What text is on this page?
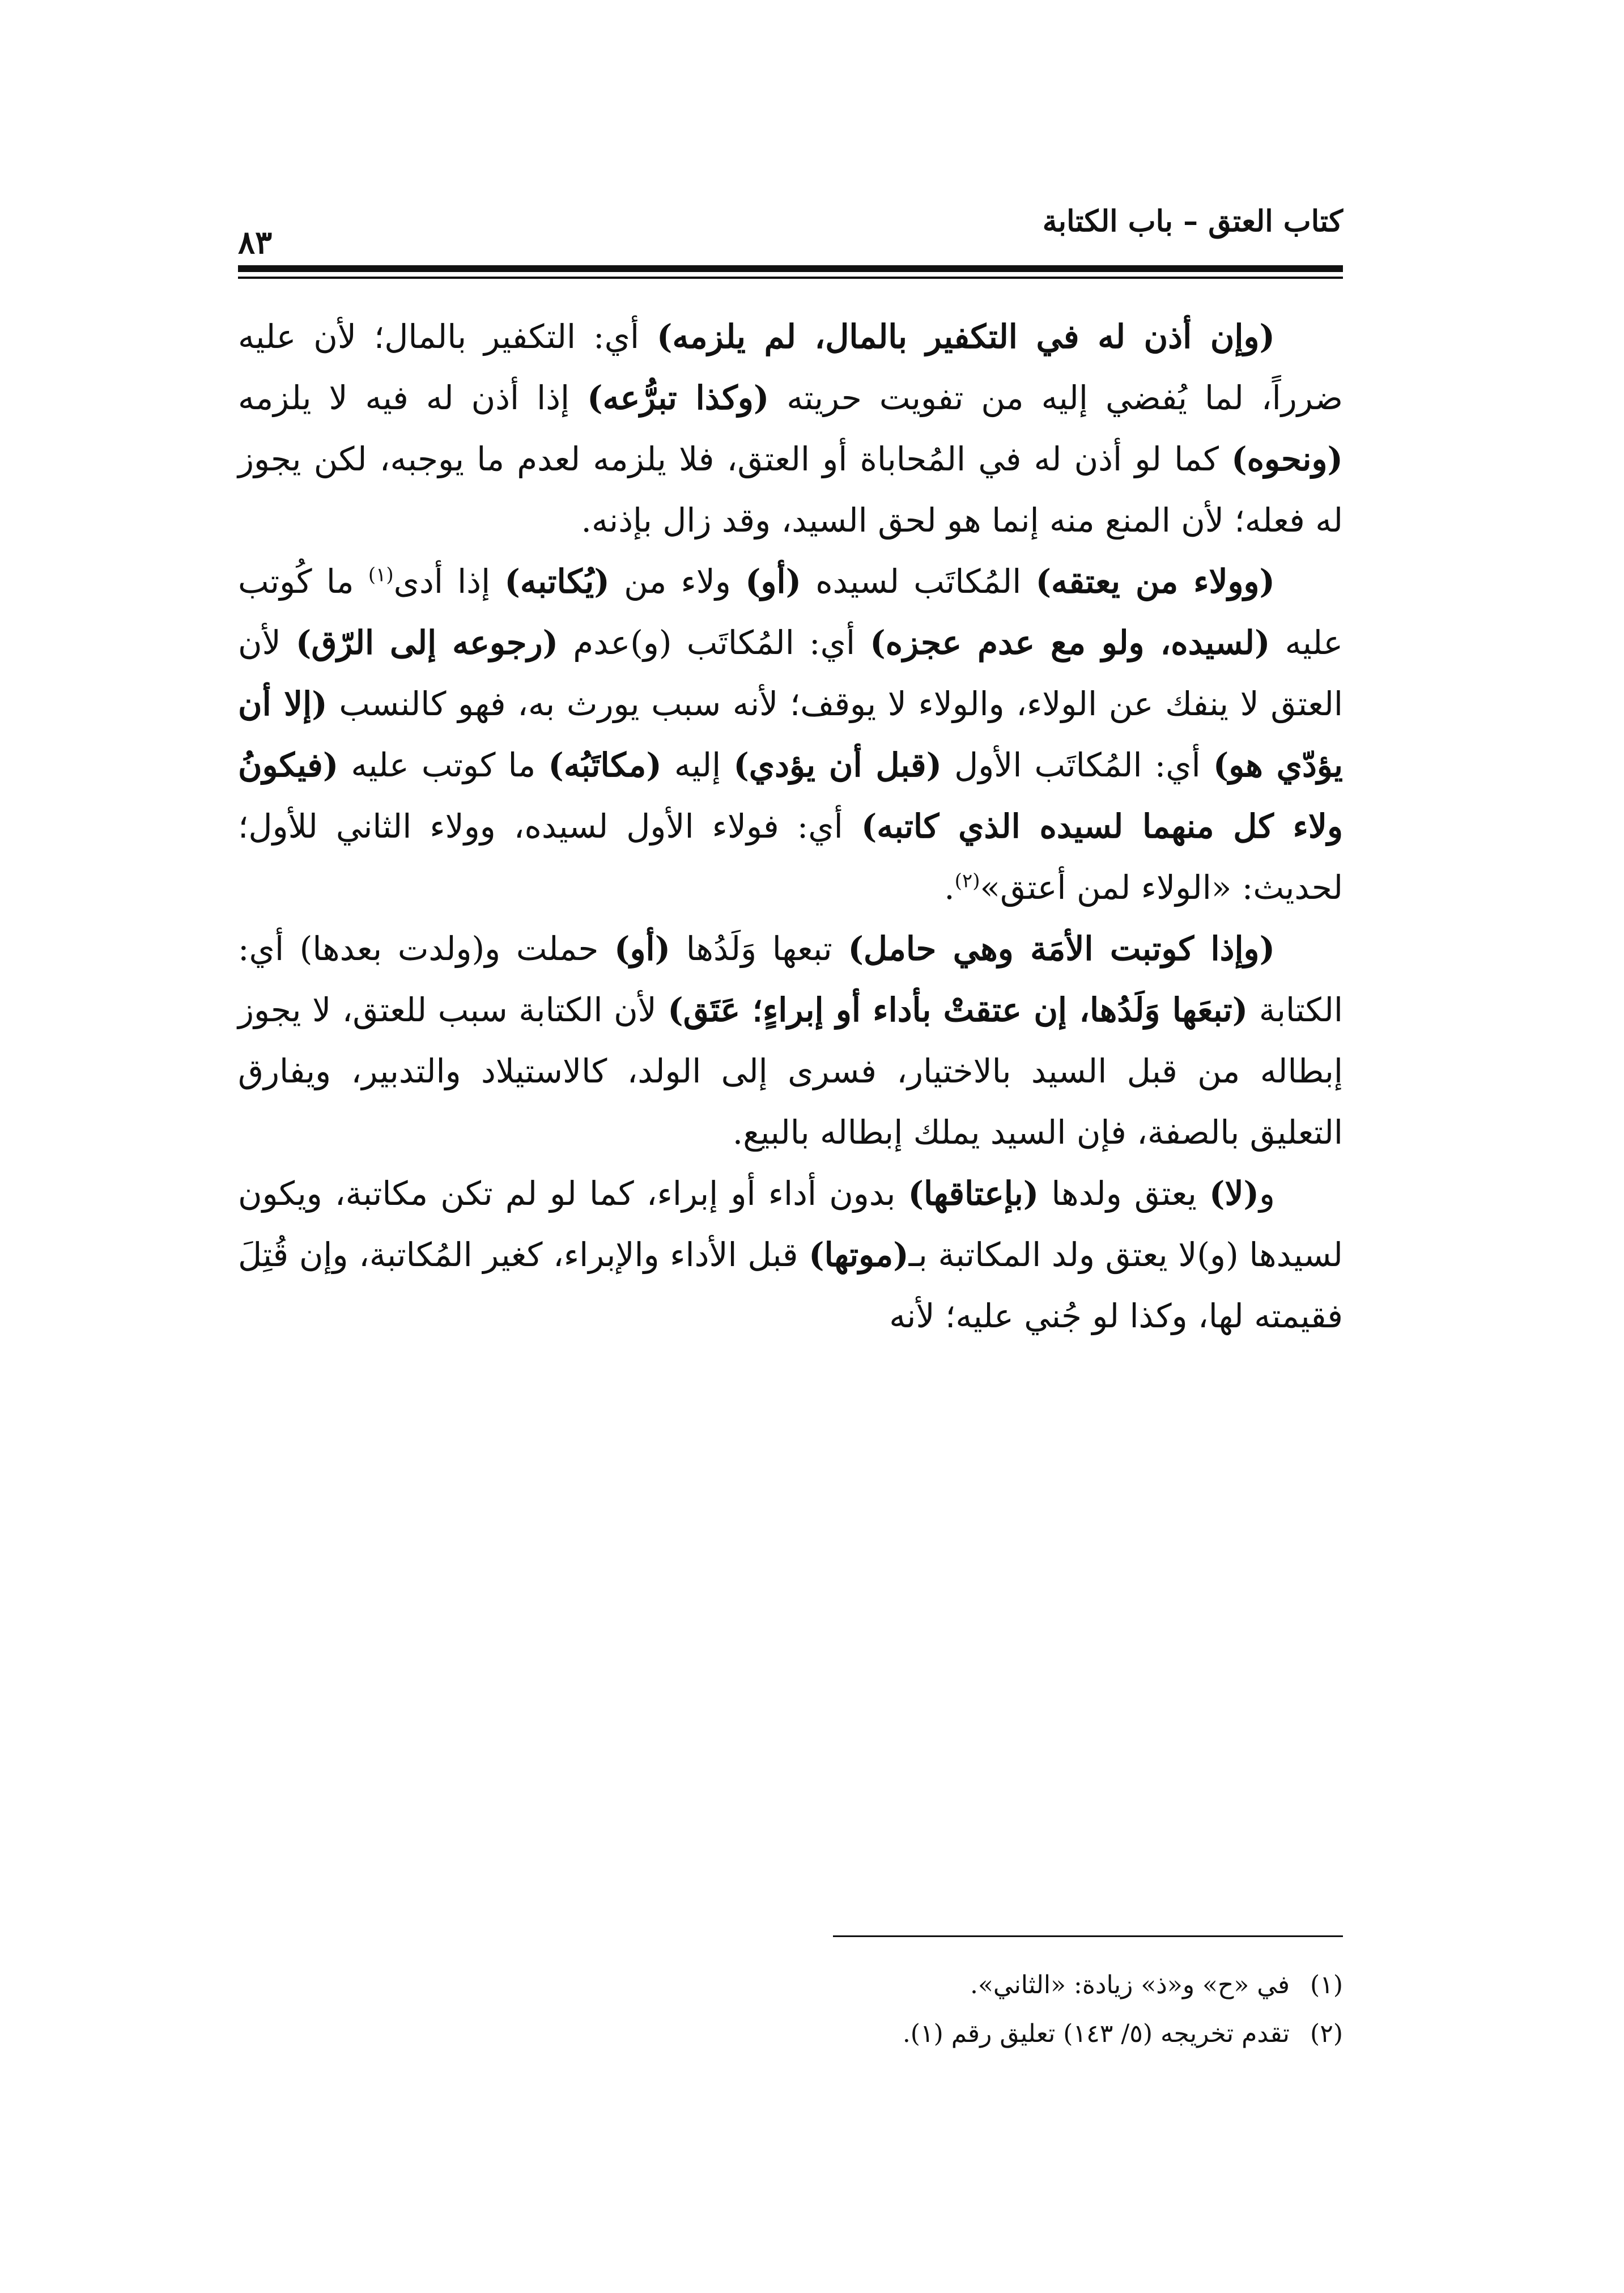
كتاب العتق – باب الكتابة
٨٣

(وإن أذن له في التكفير بالمال، لم يلزمه) أي: التكفير بالمال؛ لأن عليه ضرراً، لما يُفضي إليه من تفويت حريته (وكذا تبرُّعه) إذا أذن له فيه لا يلزمه (ونحوه) كما لو أذن له في المُحاباة أو العتق، فلا يلزمه لعدم ما يوجبه، لكن يجوز له فعله؛ لأن المنع منه إنما هو لحق السيد، وقد زال بإذنه.

(وولاء من يعتقه) المُكاتَب لسيده (أو) ولاء من (يُكاتبه) إذا أدى$^{(١)}$ ما كُوتب عليه (لسيده، ولو مع عدم عجزه) أي: المُكاتَب (و)عدم (رجوعه إلى الرّق) لأن العتق لا ينفك عن الولاء، والولاء لا يوقف؛ لأنه سبب يورث به، فهو كالنسب (إلا أن يؤدّي هو) أي: المُكاتَب الأول (قبل أن يؤدي) إليه (مكاتَبُه) ما كوتب عليه (فيكونُ ولاء كل منهما لسيده الذي كاتبه) أي: فولاء الأول لسيده، وولاء الثاني للأول؛ لحديث: «الولاء لمن أعتق»$^{(٢)}$.

(وإذا كوتبت الأمَة وهي حامل) تبعها وَلَدُها (أو) حملت و(ولدت بعدها) أي: الكتابة (تبعَها وَلَدُها، إن عتقتْ بأداء أو إبراءٍ؛ عَتَق) لأن الكتابة سبب للعتق، لا يجوز إبطاله من قبل السيد بالاختيار، فسرى إلى الولد، كالاستيلاد والتدبير، ويفارق التعليق بالصفة، فإن السيد يملك إبطاله بالبيع.

و(لا) يعتق ولدها (بإعتاقها) بدون أداء أو إبراء، كما لو لم تكن مكاتبة، ويكون لسيدها (و)لا يعتق ولد المكاتبة بـ(موتها) قبل الأداء والإبراء، كغير المُكاتبة، وإن قُتِلَ فقيمته لها، وكذا لو جُني عليه؛ لأنه

(١) في «ح» و«ذ» زيادة: «الثاني».

(٢) تقدم تخريجه (٥/ ١٤٣) تعليق رقم (١).
